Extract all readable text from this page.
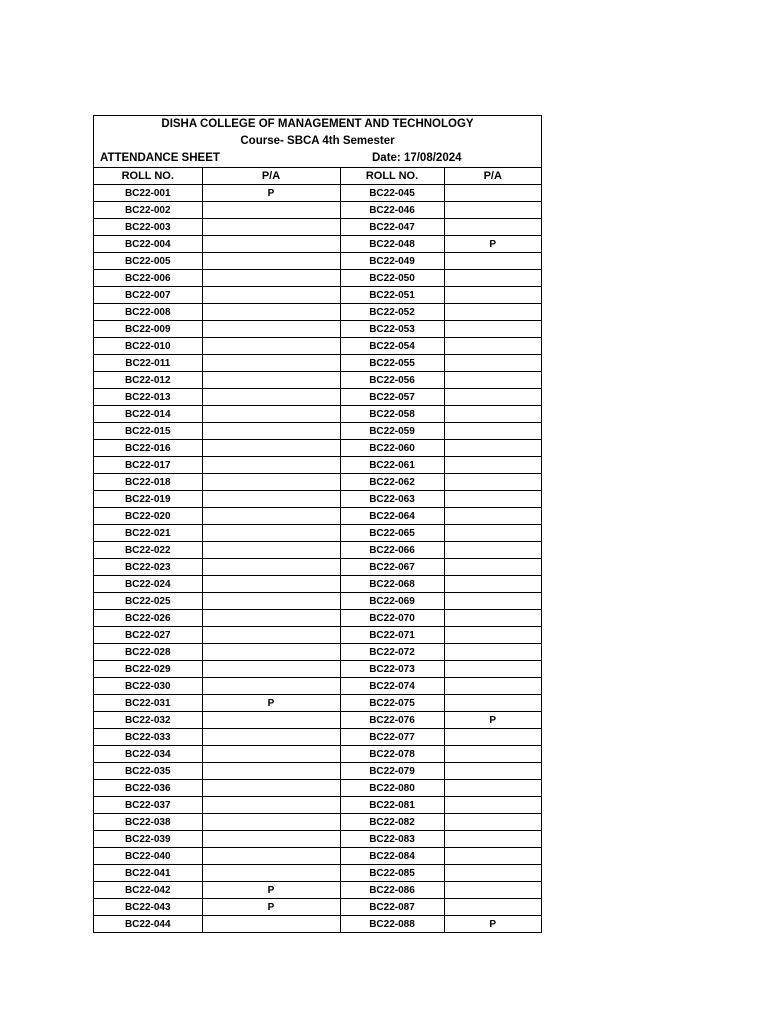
DISHA COLLEGE OF MANAGEMENT AND TECHNOLOGY
Course- SBCA 4th Semester
ATTENDANCE SHEET	Date: 17/08/2024
ROLL NO.	P/A	ROLL NO.	P/A
BC22-001	P	BC22-045	
BC22-002		BC22-046	
BC22-003		BC22-047	
BC22-004		BC22-048	P
BC22-005		BC22-049	
BC22-006		BC22-050	
BC22-007		BC22-051	
BC22-008		BC22-052	
BC22-009		BC22-053	
BC22-010		BC22-054	
BC22-011		BC22-055	
BC22-012		BC22-056	
BC22-013		BC22-057	
BC22-014		BC22-058	
BC22-015		BC22-059	
BC22-016		BC22-060	
BC22-017		BC22-061	
BC22-018		BC22-062	
BC22-019		BC22-063	
BC22-020		BC22-064	
BC22-021		BC22-065	
BC22-022		BC22-066	
BC22-023		BC22-067	
BC22-024		BC22-068	
BC22-025		BC22-069	
BC22-026		BC22-070	
BC22-027		BC22-071	
BC22-028		BC22-072	
BC22-029		BC22-073	
BC22-030		BC22-074	
BC22-031	P	BC22-075	
BC22-032		BC22-076	P
BC22-033		BC22-077	
BC22-034		BC22-078	
BC22-035		BC22-079	
BC22-036		BC22-080	
BC22-037		BC22-081	
BC22-038		BC22-082	
BC22-039		BC22-083	
BC22-040		BC22-084	
BC22-041		BC22-085	
BC22-042	P	BC22-086	
BC22-043	P	BC22-087	
BC22-044		BC22-088	P
